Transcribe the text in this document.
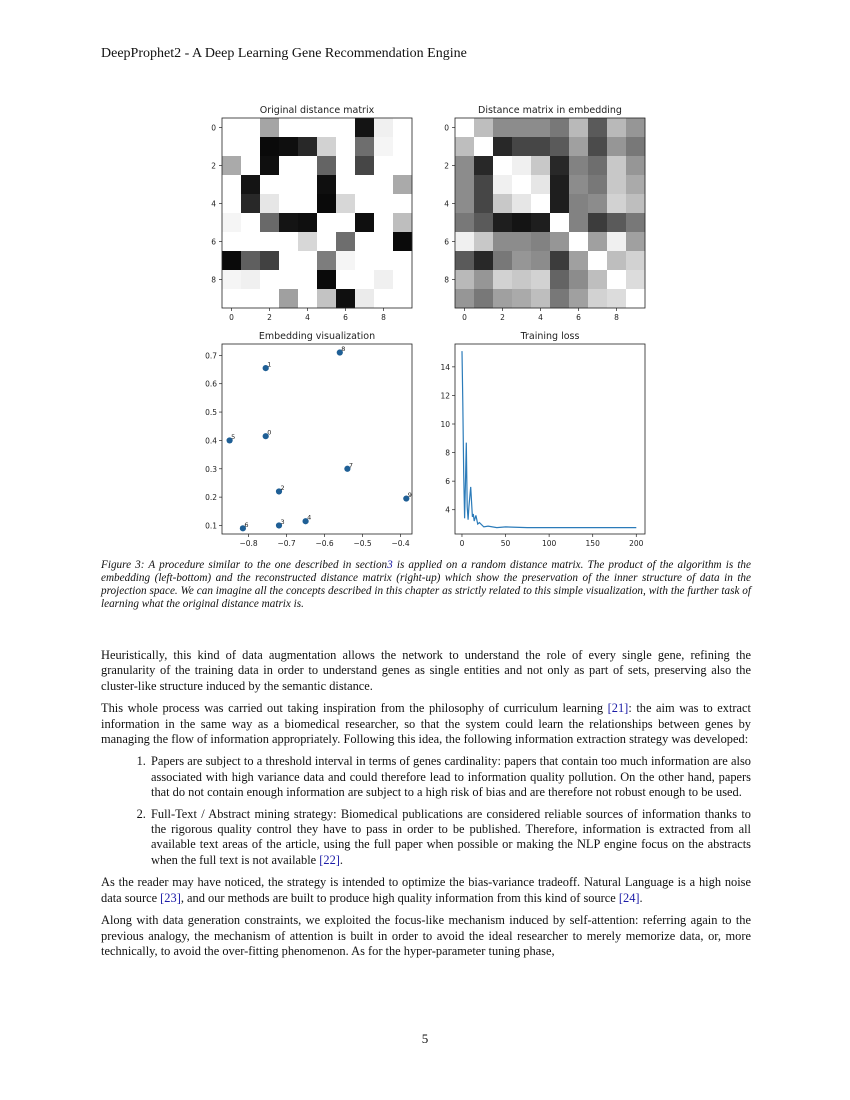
DeepProphet2 - A Deep Learning Gene Recommendation Engine
Original distance matrix
0	2	4	6	8
0
2
4
6
8
Distance matrix in embedding
0	2	4	6	8
0
2
4
6
8
Embedding visualization
−0.8	−0.7	−0.6	−0.5	−0.4
0.1
0.2
0.3
0.4
0.5
0.6
0.7
0
1
2
3
4
5
6
7
8
9
Training loss
0	50	100	150	200
4
6
8
10
12
14
Figure 3: A procedure similar to the one described in section3 is applied on a random distance matrix. The product of the algorithm is the embedding (left-bottom) and the reconstructed distance matrix (right-up) which show the preservation of the inner structure of data in the projection space. We can imagine all the concepts described in this chapter as strictly related to this simple visualization, with the further task of learning what the original distance matrix is.

Heuristically, this kind of data augmentation allows the network to understand the role of every single gene, refining the granularity of the training data in order to understand genes as single entities and not only as part of sets, preserving also the cluster-like structure induced by the semantic distance.

This whole process was carried out taking inspiration from the philosophy of curriculum learning [21]: the aim was to extract information in the same way as a biomedical researcher, so that the system could learn the relationships between genes by managing the flow of information appropriately. Following this idea, the following information extraction strategy was developed:

1. Papers are subject to a threshold interval in terms of genes cardinality: papers that contain too much information are also associated with high variance data and could therefore lead to information quality pollution. On the other hand, papers that do not contain enough information are subject to a high risk of bias and are therefore not robust enough to be used.
2. Full-Text / Abstract mining strategy: Biomedical publications are considered reliable sources of information thanks to the rigorous quality control they have to pass in order to be published. Therefore, information is extracted from all available text areas of the article, using the full paper when possible or making the NLP engine focus on the abstracts when the full text is not available [22].

As the reader may have noticed, the strategy is intended to optimize the bias-variance tradeoff. Natural Language is a high noise data source [23], and our methods are built to produce high quality information from this kind of source [24].

Along with data generation constraints, we exploited the focus-like mechanism induced by self-attention: referring again to the previous analogy, the mechanism of attention is built in order to avoid the ideal researcher to merely memorize data, or, more technically, to avoid the over-fitting phenomenon. As for the hyper-parameter tuning phase,

5
